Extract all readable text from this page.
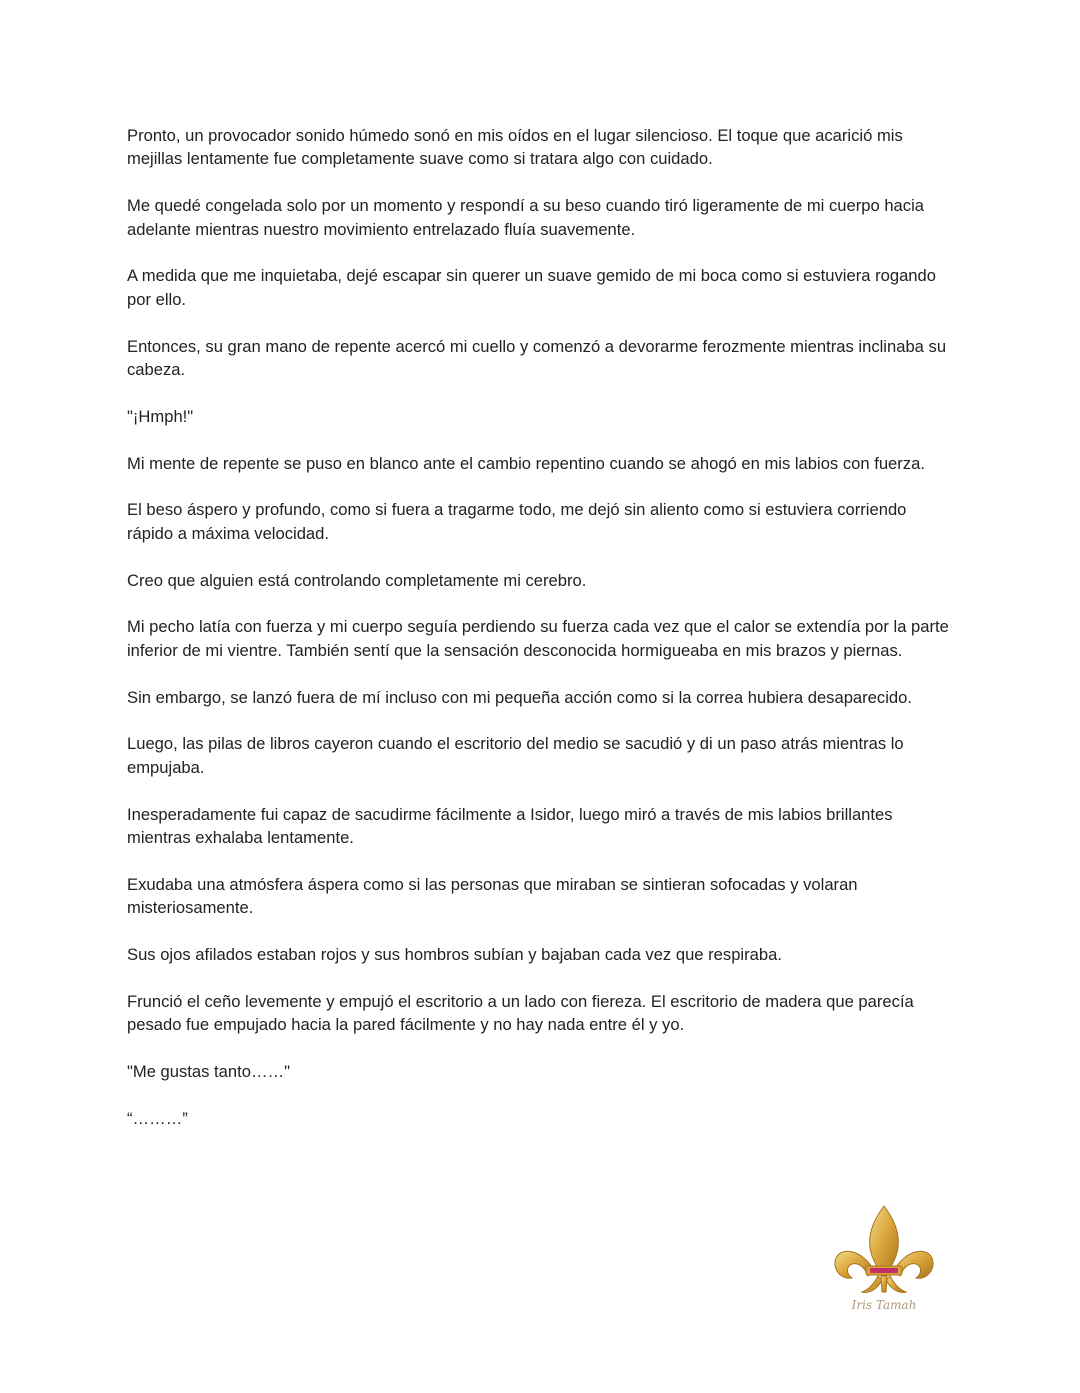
Pronto, un provocador sonido húmedo sonó en mis oídos en el lugar silencioso. El toque que acarició mis mejillas lentamente fue completamente suave como si tratara algo con cuidado.

Me quedé congelada solo por un momento y respondí a su beso cuando tiró ligeramente de mi cuerpo hacia adelante mientras nuestro movimiento entrelazado fluía suavemente.

A medida que me inquietaba, dejé escapar sin querer un suave gemido de mi boca como si estuviera rogando por ello.

Entonces, su gran mano de repente acercó mi cuello y comenzó a devorarme ferozmente mientras inclinaba su cabeza.

"¡Hmph!"

Mi mente de repente se puso en blanco ante el cambio repentino cuando se ahogó en mis labios con fuerza.

El beso áspero y profundo, como si fuera a tragarme todo, me dejó sin aliento como si estuviera corriendo rápido a máxima velocidad.

Creo que alguien está controlando completamente mi cerebro.

Mi pecho latía con fuerza y mi cuerpo seguía perdiendo su fuerza cada vez que el calor se extendía por la parte inferior de mi vientre. También sentí que la sensación desconocida hormigueaba en mis brazos y piernas.

Sin embargo, se lanzó fuera de mí incluso con mi pequeña acción como si la correa hubiera desaparecido.

Luego, las pilas de libros cayeron cuando el escritorio del medio se sacudió y di un paso atrás mientras lo empujaba.

Inesperadamente fui capaz de sacudirme fácilmente a Isidor, luego miró a través de mis labios brillantes mientras exhalaba lentamente.

Exudaba una atmósfera áspera como si las personas que miraban se sintieran sofocadas y volaran misteriosamente.

Sus ojos afilados estaban rojos y sus hombros subían y bajaban cada vez que respiraba.

Frunció el ceño levemente y empujó el escritorio a un lado con fiereza. El escritorio de madera que parecía pesado fue empujado hacia la pared fácilmente y no hay nada entre él y yo.

"Me gustas tanto……"

“………”

Iris Tamah
